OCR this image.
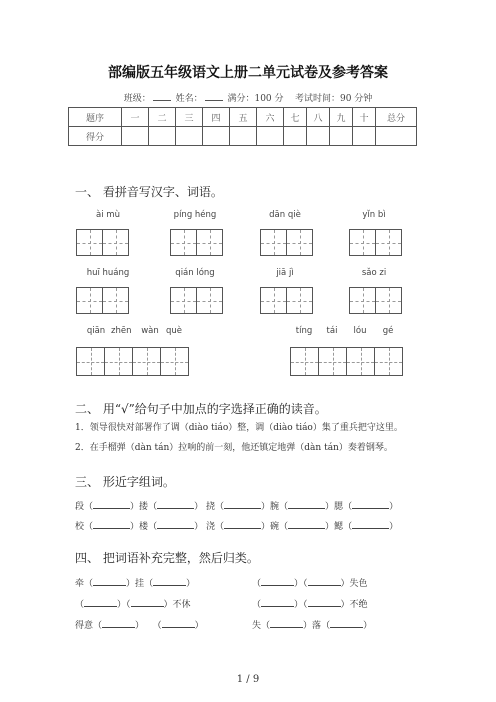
部编版五年级语文上册二单元试卷及参考答案
班级：	姓名：	满分：100 分 考试时间：90 分钟
题序	一	二	三	四	五	六	七	八	九	十	总分
得分											
一、 看拼音写汉字、词语。
ài mù	píng héng	dān qiè	yǐn bì
huī huáng	qián lóng	jiā jì	sǎo zi
qiān zhēn wàn què	tíng	tái	lóu	gé
二、 用“√”给句子中加点的字选择正确的读音。
1．领导很快对部署作了调（diào tiáo）整，调（diào tiáo）集了重兵把守这里。
2．在手榴弹（dàn tán）拉响的前一刻，他还镇定地弹（dàn tán）奏着钢琴。
三、 形近字组词。
段（	）搂（	） 挠（	）腕（	）腮（	）
校（	）楼（	） 浇（	）碗（	）鳃（	）
四、 把词语补充完整，然后归类。
牵（	）挂（	）	（	）（	）失色
（	）（	）不休	（	）（	）不绝
得意（	）   （	）	失（	）落（	）
1 / 9
